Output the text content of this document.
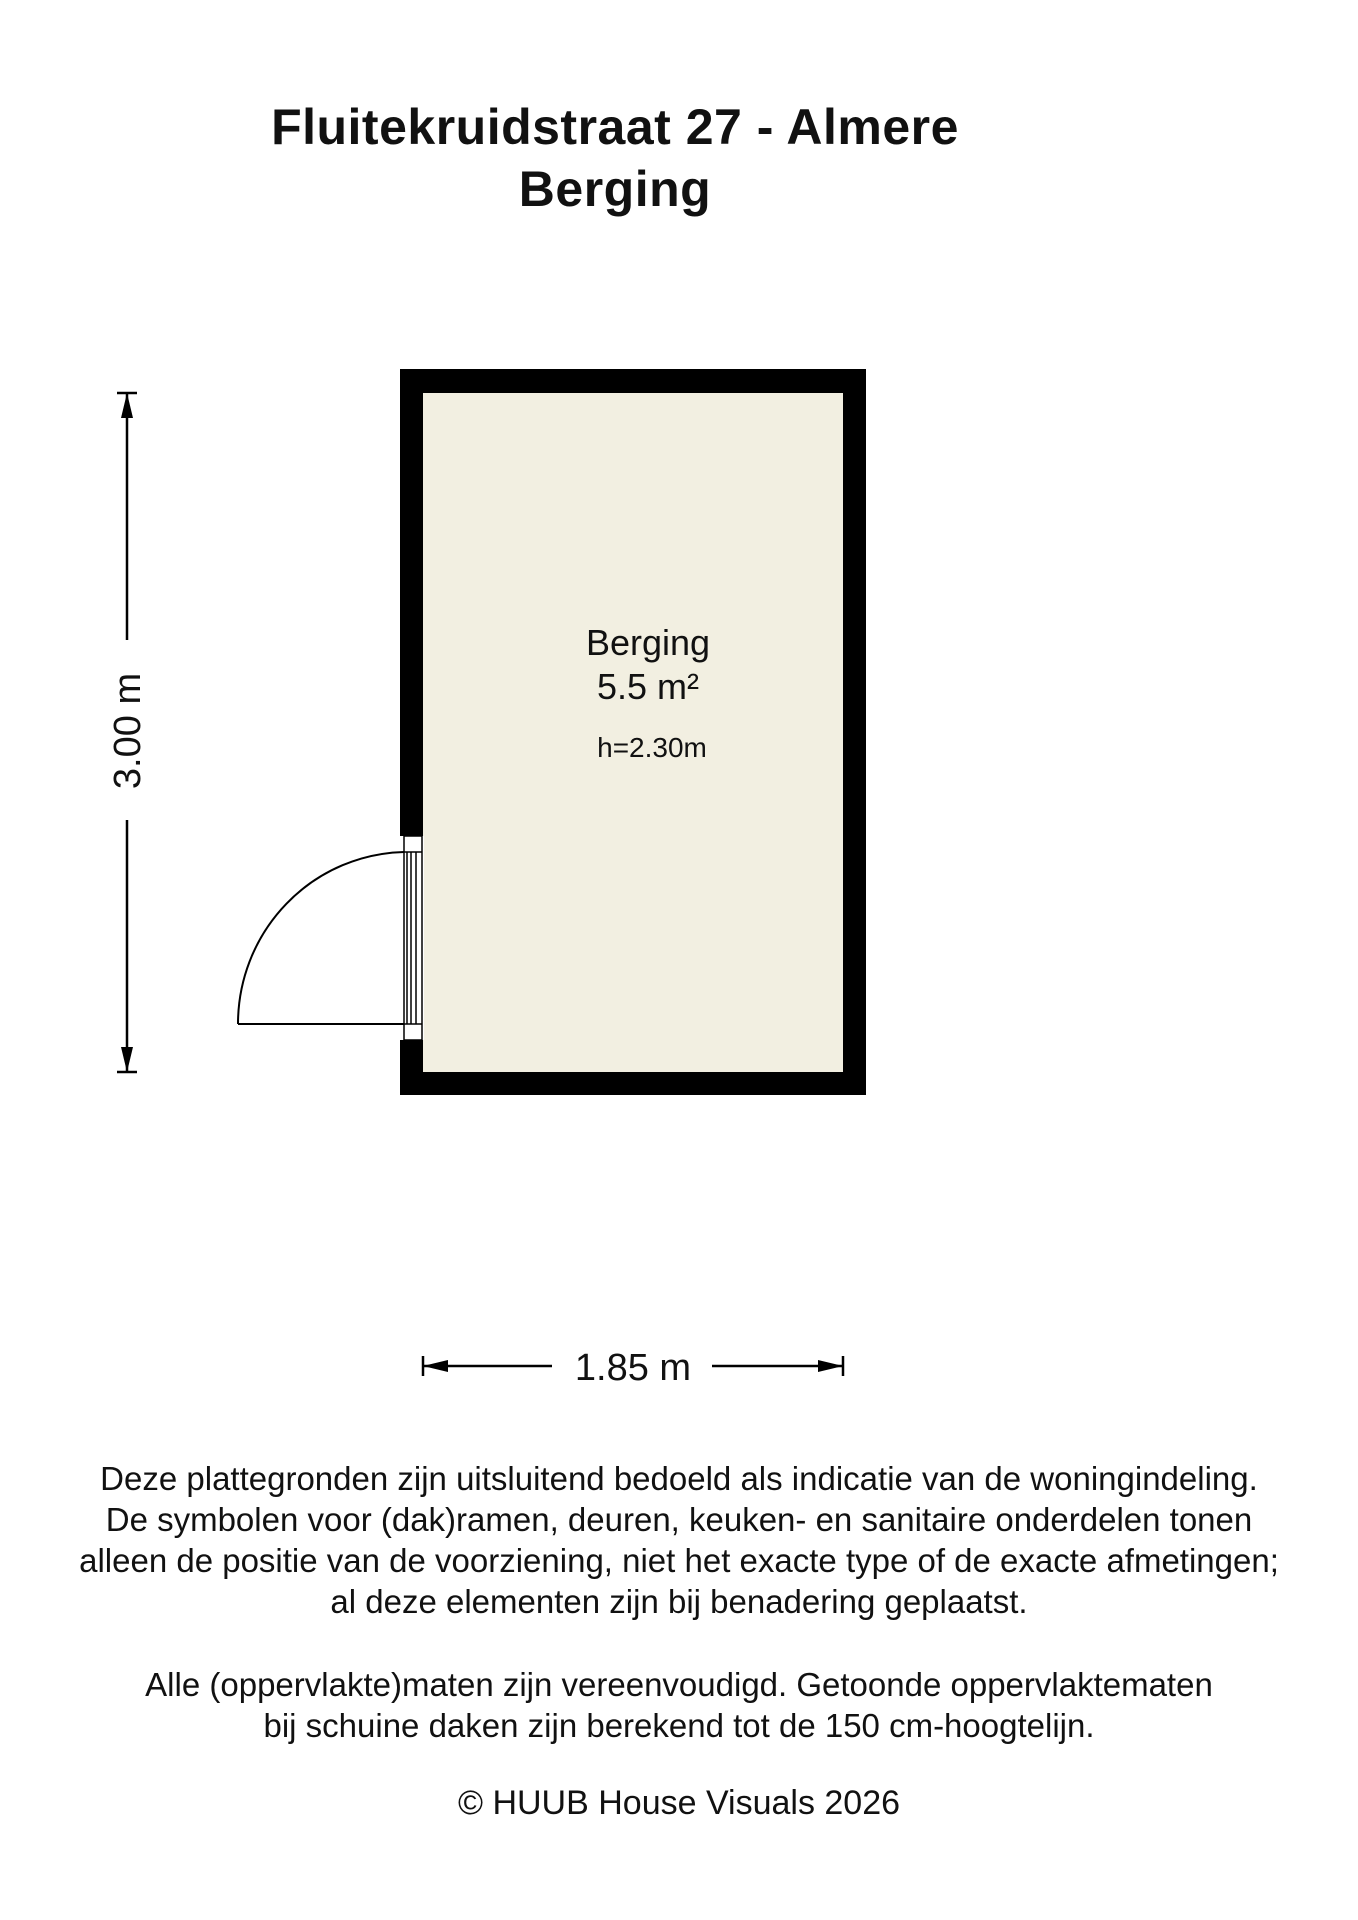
Fluitekruidstraat 27 - Almere
Berging
Berging
5.5 m²
h=2.30m
3.00 m
1.85 m
Deze plattegronden zijn uitsluitend bedoeld als indicatie van de woningindeling.
De symbolen voor (dak)ramen, deuren, keuken- en sanitaire onderdelen tonen
alleen de positie van de voorziening, niet het exacte type of de exacte afmetingen;
al deze elementen zijn bij benadering geplaatst.
Alle (oppervlakte)maten zijn vereenvoudigd. Getoonde oppervlaktematen
bij schuine daken zijn berekend tot de 150 cm-hoogtelijn.
© HUUB House Visuals 2026
